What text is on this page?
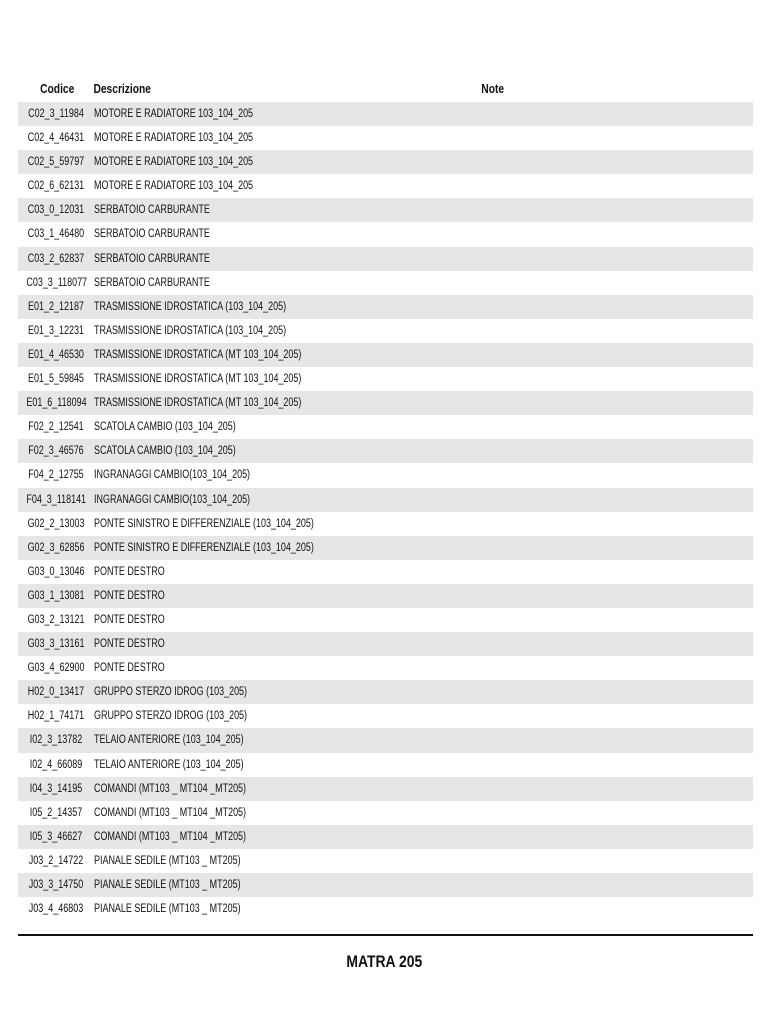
Codice Descrizione	Note
C02_3_11984 MOTORE E RADIATORE 103_104_205
C02_4_46431 MOTORE E RADIATORE 103_104_205
C02_5_59797 MOTORE E RADIATORE 103_104_205
C02_6_62131 MOTORE E RADIATORE 103_104_205
C03_0_12031 SERBATOIO CARBURANTE
C03_1_46480 SERBATOIO CARBURANTE
C03_2_62837 SERBATOIO CARBURANTE
C03_3_118077 SERBATOIO CARBURANTE
E01_2_12187 TRASMISSIONE IDROSTATICA (103_104_205)
E01_3_12231 TRASMISSIONE IDROSTATICA (103_104_205)
E01_4_46530 TRASMISSIONE IDROSTATICA (MT 103_104_205)
E01_5_59845 TRASMISSIONE IDROSTATICA (MT 103_104_205)
E01_6_118094 TRASMISSIONE IDROSTATICA (MT 103_104_205)
F02_2_12541 SCATOLA CAMBIO (103_104_205)
F02_3_46576 SCATOLA CAMBIO (103_104_205)
F04_2_12755 INGRANAGGI CAMBIO(103_104_205)
F04_3_118141 INGRANAGGI CAMBIO(103_104_205)
G02_2_13003 PONTE SINISTRO E DIFFERENZIALE (103_104_205)
G02_3_62856 PONTE SINISTRO E DIFFERENZIALE (103_104_205)
G03_0_13046 PONTE DESTRO
G03_1_13081 PONTE DESTRO
G03_2_13121 PONTE DESTRO
G03_3_13161 PONTE DESTRO
G03_4_62900 PONTE DESTRO
H02_0_13417 GRUPPO STERZO IDROG (103_205)
H02_1_74171 GRUPPO STERZO IDROG (103_205)
I02_3_13782 TELAIO ANTERIORE (103_104_205)
I02_4_66089 TELAIO ANTERIORE (103_104_205)
I04_3_14195 COMANDI (MT103 _ MT104 _MT205)
I05_2_14357 COMANDI (MT103 _ MT104 _MT205)
I05_3_46627 COMANDI (MT103 _ MT104 _MT205)
J03_2_14722 PIANALE SEDILE (MT103 _ MT205)
J03_3_14750 PIANALE SEDILE (MT103 _ MT205)
J03_4_46803 PIANALE SEDILE (MT103 _ MT205)
MATRA 205
